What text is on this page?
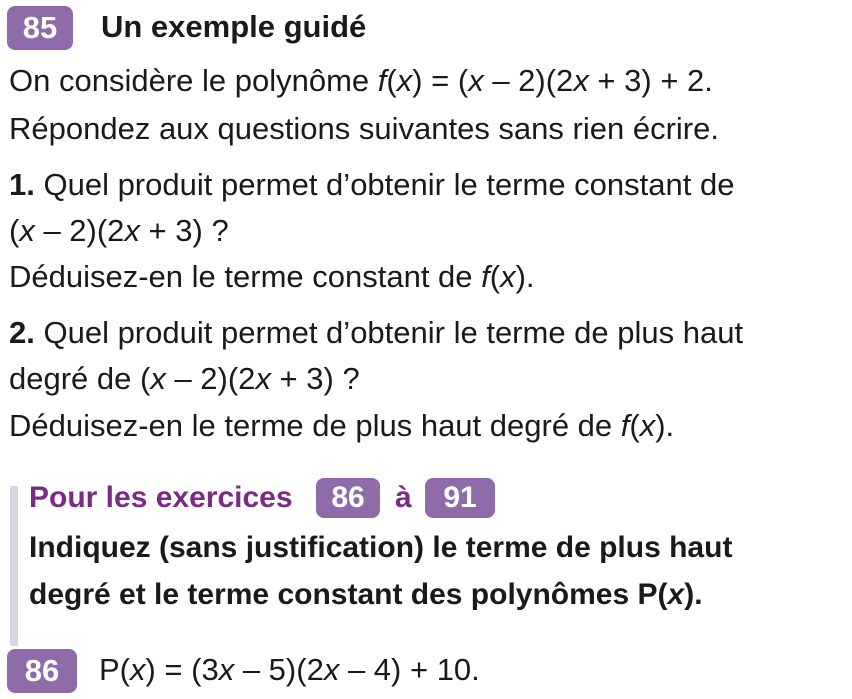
85	Un exemple guidé
On considère le polynôme f(x) = (x – 2)(2x + 3) + 2.
Répondez aux questions suivantes sans rien écrire.
1. Quel produit permet d’obtenir le terme constant de
(x – 2)(2x + 3) ?
Déduisez-en le terme constant de f(x).
2. Quel produit permet d’obtenir le terme de plus haut
degré de (x – 2)(2x + 3) ?
Déduisez-en le terme de plus haut degré de f(x).
Pour les exercices	86	à	91
Indiquez (sans justification) le terme de plus haut
degré et le terme constant des polynômes P(x).
86	P(x) = (3x – 5)(2x – 4) + 10.
